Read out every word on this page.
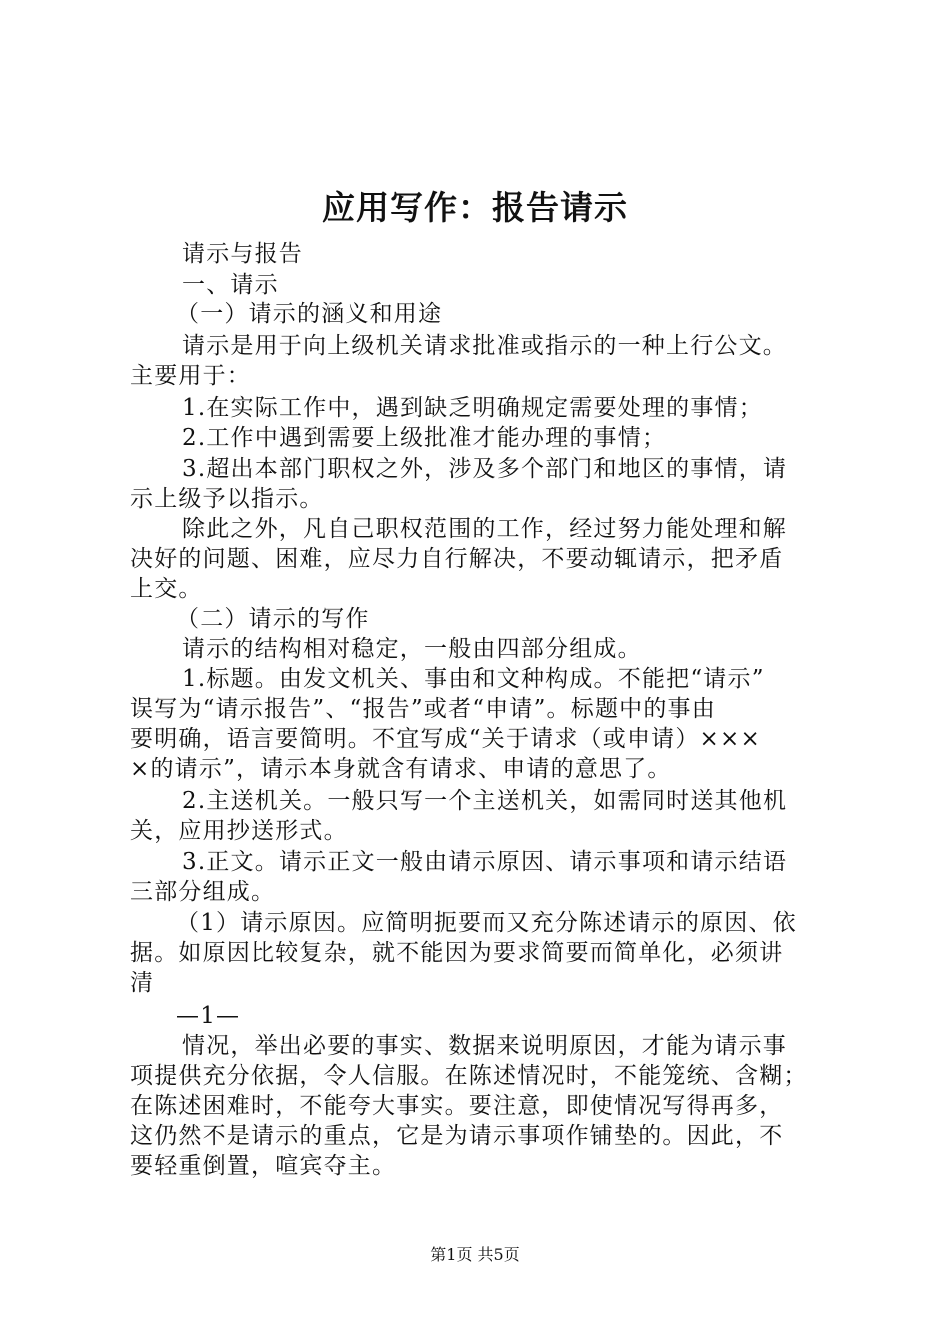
应用写作：报告请示
请示与报告
一、请示
（一）请示的涵义和用途
请示是用于向上级机关请求批准或指示的一种上行公文。
主要用于：
1.在实际工作中，遇到缺乏明确规定需要处理的事情；
2.工作中遇到需要上级批准才能办理的事情；
3.超出本部门职权之外，涉及多个部门和地区的事情，请
示上级予以指示。
除此之外，凡自己职权范围的工作，经过努力能处理和解
决好的问题、困难，应尽力自行解决，不要动辄请示，把矛盾
上交。
（二）请示的写作
请示的结构相对稳定，一般由四部分组成。
1.标题。由发文机关、事由和文种构成。不能把“请示”
误写为“请示报告”、“报告”或者“申请”。标题中的事由
要明确，语言要简明。不宜写成“关于请求（或申请）×××
×的请示”，请示本身就含有请求、申请的意思了。
2.主送机关。一般只写一个主送机关，如需同时送其他机
关，应用抄送形式。
3.正文。请示正文一般由请示原因、请示事项和请示结语
三部分组成。
（1）请示原因。应简明扼要而又充分陈述请示的原因、依
据。如原因比较复杂，就不能因为要求简要而简单化，必须讲
清
—1—
情况，举出必要的事实、数据来说明原因，才能为请示事
项提供充分依据，令人信服。在陈述情况时，不能笼统、含糊；
在陈述困难时，不能夸大事实。要注意，即使情况写得再多，
这仍然不是请示的重点，它是为请示事项作铺垫的。因此，不
要轻重倒置，喧宾夺主。
第1页 共5页
